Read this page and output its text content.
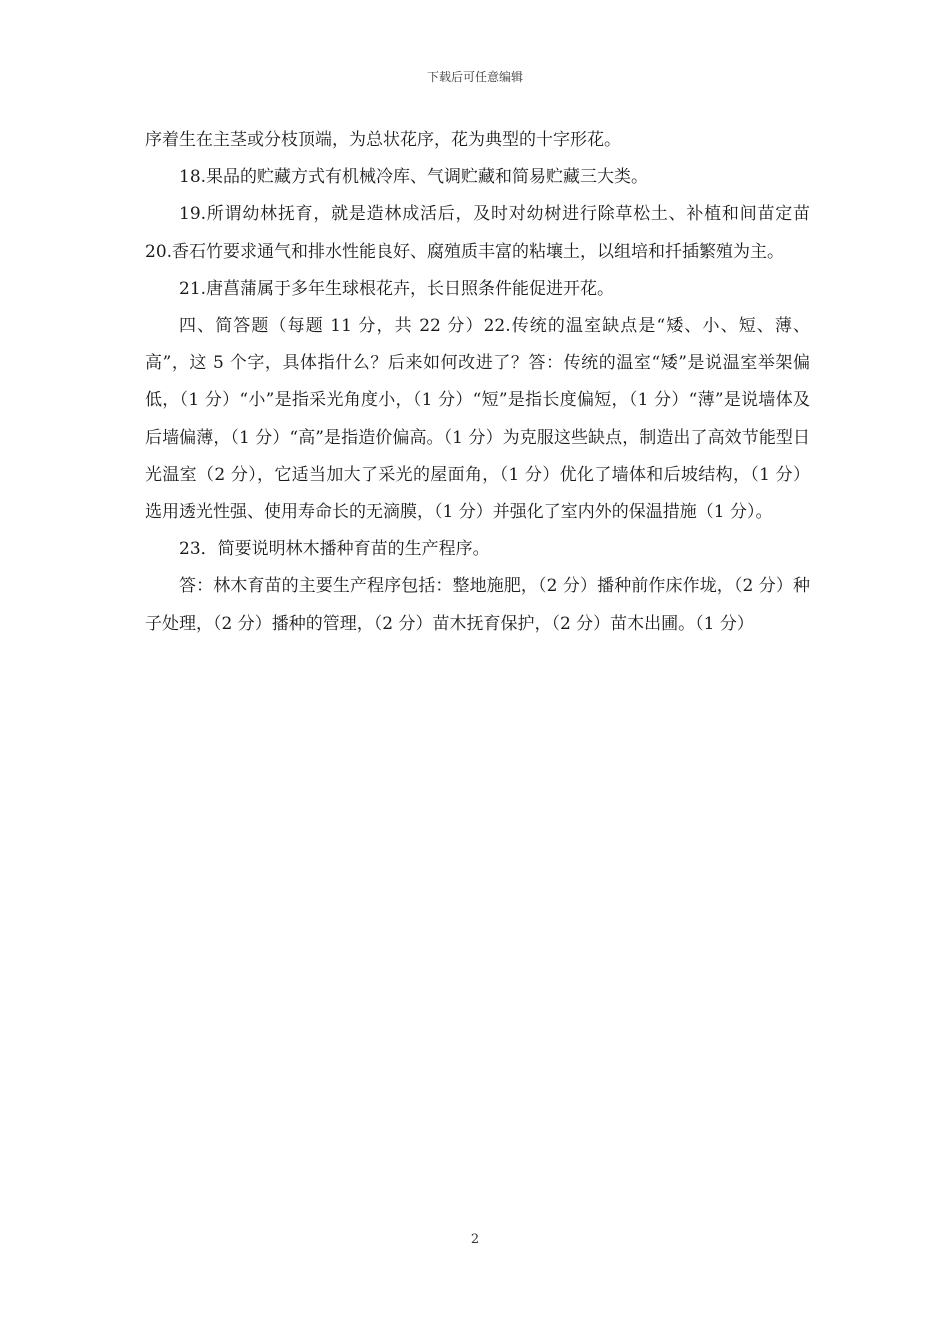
下载后可任意编辑

序着生在主茎或分枝顶端，为总状花序，花为典型的十字形花。

18.果品的贮藏方式有机械冷库、气调贮藏和简易贮藏三大类。

19.所谓幼林抚育，就是造林成活后，及时对幼树进行除草松土、补植和间苗定苗 20.香石竹要求通气和排水性能良好、腐殖质丰富的粘壤土，以组培和扦插繁殖为主。

21.唐菖蒲属于多年生球根花卉，长日照条件能促进开花。

四、简答题（每题 11 分，共 22 分）22.传统的温室缺点是“矮、小、短、薄、高”，这 5 个字，具体指什么？后来如何改进了？答：传统的温室“矮”是说温室举架偏低，（1 分）“小”是指采光角度小，（1 分）“短”是指长度偏短，（1 分）“薄”是说墙体及后墙偏薄，（1 分）“高”是指造价偏高。（1 分）为克服这些缺点，制造出了高效节能型日光温室（2 分），它适当加大了采光的屋面角，（1 分）优化了墙体和后坡结构，（1 分）选用透光性强、使用寿命长的无滴膜，（1 分）并强化了室内外的保温措施（1 分）。

23．简要说明林木播种育苗的生产程序。

答：林木育苗的主要生产程序包括：整地施肥，（2 分）播种前作床作垅，（2 分）种子处理，（2 分）播种的管理，（2 分）苗木抚育保护，（2 分）苗木出圃。（1 分）

2
